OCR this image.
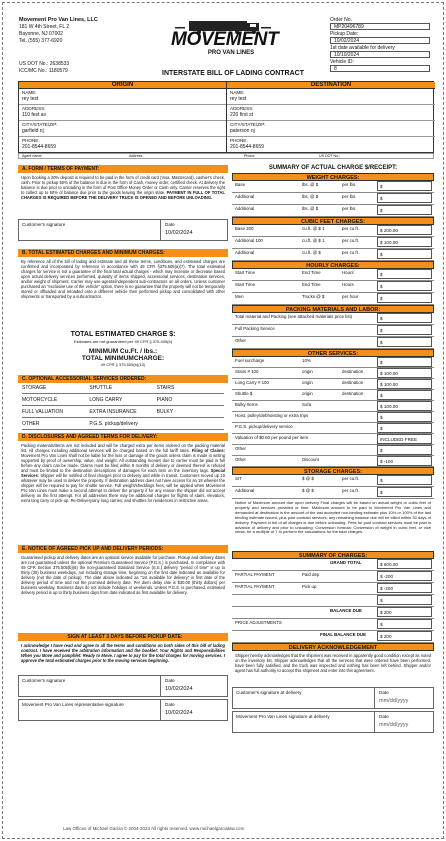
Movement Pro Van Lines, LLC
181 W 4th Street, FL 2
Bayonne, NJ 07002
Tel. (555) 377-6920
US DOT No.: 2638533
ICC/MC No.: 1180579
MOVEMENT
PRO VAN LINES
Order No.
MP20496789
Pickup Date:
10/02/2024
1st date available for delivery
10/10/2024
Vehicle ID:
8
INTERSTATE BILL OF LADING CONTRACT
ORIGIN
NAME:
rey test
ADDRESS:
110 fest av
CITY/STATE/ZIP:
garfield nj
PHONE:
201-8544-8659
DESTINATION
NAME:
rey test
ADDRESS:
220 first st
CITY/STATE/ZIP:
paterson nj
PHONE:
201-8544-8659
Agent name:	Address:	Phone:	US DOT No.:
A. FORM / TERMS OF PAYMENT:
Upon booking a 20% deposit is required to be paid in the form of credit card (Visa, Mastercard), cashier's check, cash. Prior to pickup 50% of the balance is due in the form of Cash, money order, certified check. At delivery the balance is due prior to unloading in the form of Post Office Money Order or Cash only. Carrier reserves the right to collect up to 50% of balance due prior to the goods leaving the origin state. PAYMENT IN FULL OF TOTAL CHARGES IS REQUIRED BEFORE THE DELIVERY TRUCK IS OPENED AND BEFORE UNLOADING.
Customer's signature	Date
10/02/2024
B. TOTAL ESTIMATED CHARGES AND MINIMUM CHARGES:
By reference all of the bill of lading and estimate and all these terms, conditions, and estimated charges are confirmed and incorporated by reference in accordance with 49 CFR §375.505(a)(7). The total estimated charges for service is not a guarantee of the final total actual charges - which may increase or decrease based upon actual delivery services performed, quantity of items shipped, accessorial services, destination services, and/or weight of shipment. Carrier may use agents/independent sub-contractors on all orders. Unless customer purchased an "exclusive use of the vehicle" option, there is no guarantee that the property will not be temporarily stored or offloaded and reloaded onto a different vehicle then performed pickup and consolidated with other shipments or transported by a subcontractor.
TOTAL ESTIMATED CHARGE $:
Estimates are not guaranteed per 49 CFR § 375.405(6)
MINIMUM Cu.Ft. / lbs.:
TOTAL MINIMUMCHARGE:
49 CFR § 375.505(b)(10)
C. OPTIONAL ACCESSORIAL SERVICES ORDERED:
STORAGE	SHUTTLE	STAIRS
MOTORCYCLE	LONG CARRY	PIANO
FULL VALUATION	EXTRA INSURANCE	BULKY
OTHER	P.G.S. pickup/delivery
D. DISCLOSURES AND AGREED TERMS FOR DELIVERY:
Packing materials/items are not included and will be charged extra per items ordered on the packing material list. All charges including additional services will be charged based on the full tariff rates. Filing of Claims: Movement Pro Van Lines shall not be liable for the loss or damage of the goods unless claim is made in writing supported by proof of ownership, value, and weight. All outstanding monies due to carrier must be paid in full before any claim can be made. Claims must be filed within 9 months of delivery or deemed thereof is refused and must be limited to the destination descriptions of damages for each item on the inventory tags. Special Services: Shipper will be notified of final charges prior to delivery and while in transit. Customers moved up 10 whatever may be used to deliver the property. If destination address does not have access for an 18 wheeler the shipper will be required to pay for shuttle service. Full weight/sheddings fees, will be applied when Movement Pro Van Lines must make a second attempt to deliver the property if for any reason the shipper did not accept delivery on the first attempt. For all addresses there may be additional charges for flights of stairs, elevators, extra long carry or pick-up. Re-Delivery/any long carries, and shuttles for residences in restrictive areas.
E. NOTICE OF AGREED PICK UP AND DELIVERY PERIODS:
Guaranteed pickup and delivery dates are an optional service available for purchase. Pickup and delivery dates are not guaranteed unless the optional Premium Guaranteed Service (P.G.S.) is purchased. In compliance with 49 CFR Section 375.505(b)(6) the non-guaranteed Standard Service (S.S.) delivery "period of time" is up to thirty (30) business weekdays, not including storage time, beginning on the first date indicated as available for delivery (not the date of pickup). The date above indicated as "1st available for delivery" is first date of the delivery period of time and not the promised delivery date. Per diem delay rate is $30.00 (thirty dollars) per business weekday. Business days do not include holidays or weekends. Unless P.G.S. is purchased, estimated delivery period is up to thirty business days from date indicated as first available for delivery.
SIGN AT LEAST 3 DAYS BEFORE PICKUP DATE:
I acknowledge I have read and agree to all the terms and conditions on both sides of this bill of lading contract. I have received the arbitration information and the booklet: Your Rights and Responsibilities When you Move and pamphlet: Ready to Move. I agree to pay for the total charges for moving services. I approve the total estimated charges prior to the moving services beginning.
Customer's signature	Date
10/02/2024
Movement Pro Van Lines representative signature	Date
10/02/2024
SUMMARY OF ACTUAL CHARGE $/RECEIPT:
WEIGHT CHARGES:
Base	lbs. @ $	per lbs.	$
Additional	lbs. @ $	per lbs.	$
Additional	lbs. @ $	per lbs.	$
CUBIC FEET CHARGES:
Base 200	cu.ft. @ $ 1	per cu.ft.	$ 200.00
Additional 100	cu.ft. @ $ 1	per cu.ft.	$ 100.00
Additional	cu.ft. @ $	per cu.ft.	$
HOURLY CHARGES:
Start Time	End Time	Hours	$
Start Time	End Time	Hours	$
Men	Trucks @ $	per hour	$
PACKING MATERIALS AND LABOR:
Total material and Packing (see attached materials price list)	$
Full Packing Service	$
Other	$
OTHER SERVICES:
Fuel surcharge	10%	$
Stairs # 100	origin	destination	$ 100.00
Long Carry # 100	origin	destination	$ 100.00
Shuttle $	origin	destination	$
Bulky Items	Sofa	$ 100.00
Hoist, pulley/debhoisting or extra trips	$
P.G.S. pickup/delivery service	$
Valuation of $0.60 per pound per item	INCLUDED FREE
Other	$
Other	Discount	$ -100
STORAGE CHARGES:
SIT	$ @ $	per cu.ft.	$
Additional	$ @ $	per cu.ft.	$
Notice of Maximum amount due upon delivery Final charges will be based on actual weight or cubic feet of property and services provided or time. Maximum amount to be paid to Movement Pro Van Lines and demanded at destination is the amount of the last accepted non-binding estimate plus 10% or 100% of the last binding estimate issued, plus post contract services; any remaining balance due will be billed within 30 days of delivery. Payment in full of all charges is due before unloading. Fees for post contract services must be paid in advance of delivery and prior to unloading. Conversion formula: Conversion of weight in cubic feet, or vice versa, be a multiple of 7 to perform the calculations for the total charges.
SUMMARY OF CHARGES:
GRAND TOTAL	$ 600.00
PARTIAL PAYMENT	Paid dep	$ -200
PARTIAL PAYMENT	Pick up	$ -200
$
BALANCE DUE	$ 200
PRICE ADJUSTMENTS	$
FINAL BALANCE DUE	$ 200
DELIVERY ACKNOWLEDGEMENT
Shipper hereby acknowledges that the shipment was received in apparently good condition except as noted on the inventory list. Shipper acknowledges that all the services that were ordered have been performed, have been fully satisfied, and the truck was inspected and nothing has been left behind. Shipper and/or agent has full authority to accept this shipment and enter into this agreement.
Customer's signature at delivery	Date
mm/dd/yyyy
Movement Pro Van Lines signature at delivery	Date
mm/dd/yyyy
Law Offices of Michael Garcia © 2004-2024 All rights reserved. www.michaelgarcialaw.com
